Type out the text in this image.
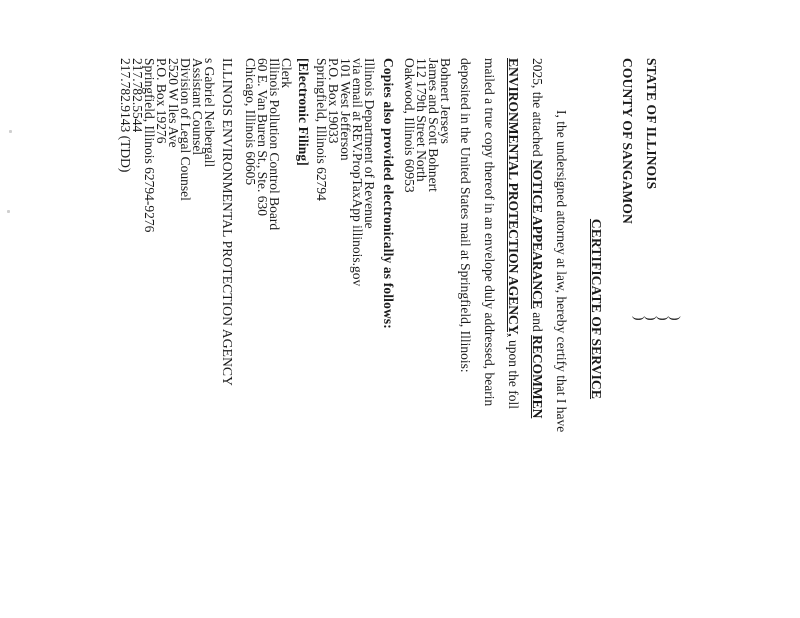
STATE OF ILLINOIS
COUNTY OF SANGAMON
)
)
)
)
CERTIFICATE OF SERVICE
I, the undersigned attorney at law, hereby certify that I have
2025, the attached NOTICE APPEARANCE and RECOMMEN
ENVIRONMENTAL PROTECTION AGENCY, upon the foll
mailed a true copy thereof in an envelope duly addressed, bearin
deposited in the United States mail at Springfield, Illinois:
Bohnert Jerseys
James and Scott Bohnert
112 179th Street North
Oakwood, Illinois 60953
Copies also provided electronically as follows:
Illinois Department of Revenue
via email at REV.PropTaxApp illinois.gov
101 West Jefferson
P.O. Box 19033
Springfield, Illinois 62794
[Electronic Filing]
Clerk
Illinois Pollution Control Board
60 E. Van Buren St., Ste. 630
Chicago, Illinois 60605
ILLINOIS ENVIRONMENTAL PROTECTION AGENCY
s Gabriel Neibergall
Assistant Counsel
Division of Legal Counsel
2520 W Iles Ave
P.O. Box 19276
Springfield, Illinois 62794-9276
217.782.5544
217.782.9143 (TDD)
